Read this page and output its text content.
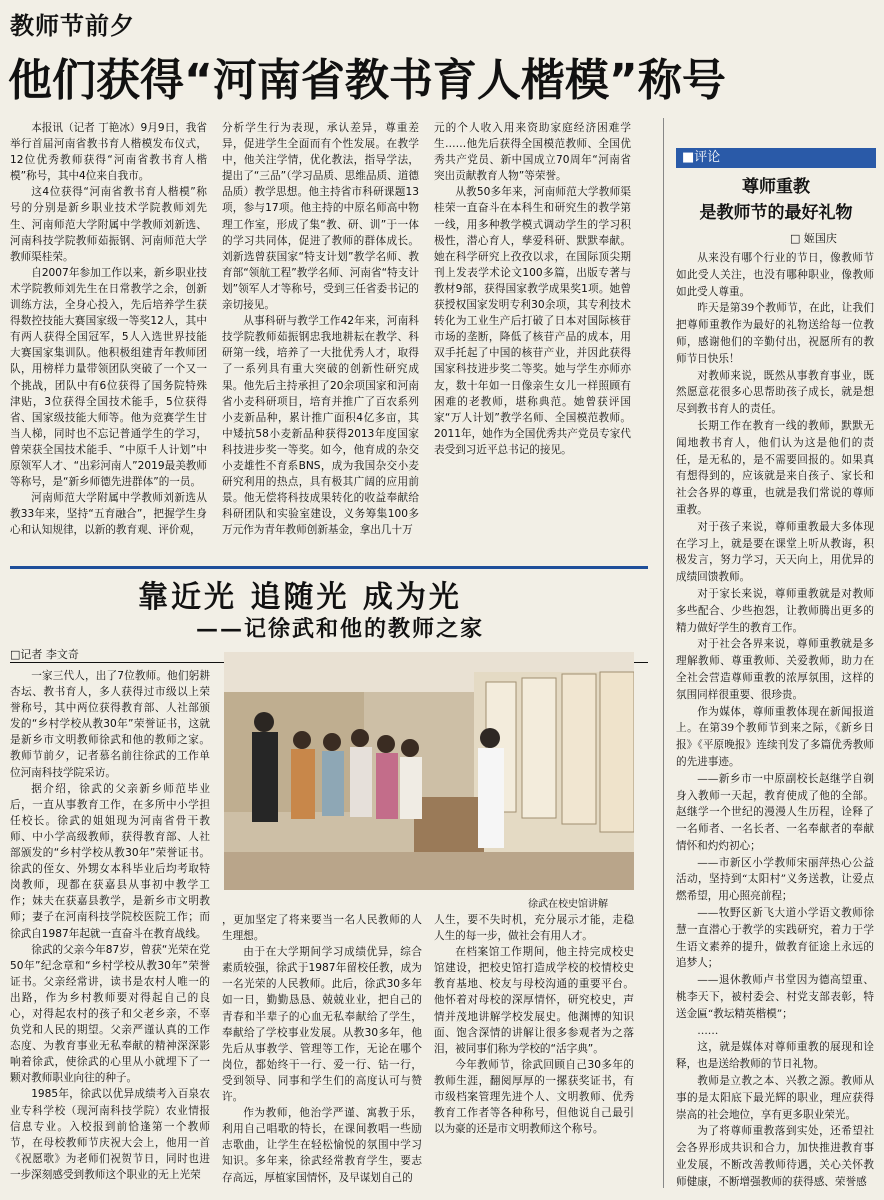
教师节前夕
他们获得“河南省教书育人楷模”称号

本报讯（记者 丁艳冰）9月9日，我省举行首届河南省教书育人楷模发布仪式，12位优秀教师获得“河南省教书育人楷模”称号，其中4位来自我市。

这4位获得“河南省教书育人楷模”称号的分别是新乡职业技术学院教师刘先生、河南师范大学附属中学教师刘新选、河南科技学院教师茹振钢、河南师范大学教师渠桂荣。

自2007年参加工作以来，新乡职业技术学院教师刘先生在日常教学之余，创新训练方法，全身心投入，先后培养学生获得数控技能大赛国家级一等奖12人，其中有两人获得全国冠军，5人入选世界技能大赛国家集训队。他积极组建青年教师团队，用榜样力量带领团队突破了一个又一个挑战，团队中有6位获得了国务院特殊津贴，3位获得全国技术能手，5位获得省、国家级技能大师等。他为竞赛学生甘当人梯，同时也不忘记普通学生的学习，曾荣获全国技术能手、“中原千人计划”中原领军人才、“出彩河南人”2019最美教师等称号，是“新乡师德先进群体”的一员。

河南师范大学附属中学教师刘新选从教33年来，坚持“五育融合”，把握学生身心和认知规律，以新的教育观、评价观，

分析学生行为表现，承认差异，尊重差异，促进学生全面而有个性发展。在教学中，他关注学情，优化教法，指导学法，提出了“三品”（学习品质、思维品质、道德品质）教学思想。他主持省市科研课题13项，参与17项。他主持的中原名师高中物理工作室，形成了集“教、研、训”于一体的学习共同体，促进了教师的群体成长。刘新选曾获国家“特支计划”教学名师、教育部“领航工程”教学名师、河南省“特支计划”领军人才等称号，受到三任省委书记的亲切接见。

从事科研与教学工作42年来，河南科技学院教师茹振钢忠我地耕耘在教学、科研第一线，培养了一大批优秀人才，取得了一系列具有重大突破的创新性研究成果。他先后主持承担了20余项国家和河南省小麦科研项目，培育并推广了百农系列小麦新品种，累计推广面积4亿多亩，其中矮抗58小麦新品种获得2013年度国家科技进步奖一等奖。如今，他育成的杂交小麦雄性不育系BNS，成为我国杂交小麦研究利用的热点，具有极其广阔的应用前景。他无偿将科技成果转化的收益奉献给科研团队和实验室建设，义务筹集100多万元作为青年教师创新基金，拿出几十万

元的个人收入用来资助家庭经济困难学生……他先后获得全国模范教师、全国优秀共产党员、新中国成立70周年“河南省突出贡献教育人物”等荣誉。

从教50多年来，河南师范大学教师渠桂荣一直奋斗在本科生和研究生的教学第一线，用多种教学模式调动学生的学习积极性，潜心育人，孳爱科研、默默奉献。她在科学研究上孜孜以求，在国际顶尖期刊上发表学术论文100多篇，出版专著与教材9部，获得国家教学成果奖1项。她曾获授权国家发明专利30余项，其专利技术转化为工业生产后打破了日本对国际核苷市场的垄断，降低了核苷产品的成本，用双手托起了中国的核苷产业，并因此获得国家科技进步奖二等奖。她与学生亦师亦友，数十年如一日像亲生女儿一样照顾有困难的老教师，堪称典范。她曾获评国家“万人计划”教学名师、全国模范教师。2011年，她作为全国优秀共产党员专家代表受到习近平总书记的接见。

靠近光 追随光 成为光
——记徐武和他的教师之家
□记者 李文奇
徐武在校史馆讲解

一家三代人，出了7位教师。他们躬耕杏坛、教书育人，多人获得过市级以上荣誉称号，其中两位获得教育部、人社部颁发的“乡村学校从教30年”荣誉证书，这就是新乡市文明教师徐武和他的教师之家。教师节前夕，记者慕名前往徐武的工作单位河南科技学院采访。

据介绍，徐武的父亲新乡师范毕业后，一直从事教育工作，在多所中小学担任校长。徐武的姐姐现为河南省骨干教师、中小学高级教师，获得教育部、人社部颁发的“乡村学校从教30年”荣誉证书。徐武的侄女、外甥女本科毕业后均考取特岗教师，现都在获嘉县从事初中教学工作；妹夫在获嘉县教学，是新乡市文明教师；妻子在河南科技学院校医院工作；而徐武自1987年起就一直奋斗在教育战线。

徐武的父亲今年87岁，曾获“光荣在党50年”纪念章和“乡村学校从教30年”荣誉证书。父亲经常讲，读书是农村人唯一的出路，作为乡村教师要对得起自己的良心，对得起农村的孩子和父老乡亲，不辜负党和人民的期望。父亲严谨认真的工作态度、为教育事业无私奉献的精神深深影响着徐武，使徐武的心里从小就埋下了一颗对教师职业向往的种子。

1985年，徐武以优异成绩考入百泉农业专科学校（现河南科技学院）农业情报信息专业。入校报到前恰逢第一个教师节，在母校教师节庆祝大会上，他用一首《祝愿歌》为老师们祝贺节日，同时也进一步深刻感受到教师这个职业的无上光荣

，更加坚定了将来要当一名人民教师的人生理想。

由于在大学期间学习成绩优异，综合素质较强，徐武于1987年留校任教，成为一名光荣的人民教师。此后，徐武30多年如一日，勤勤恳恳、兢兢业业，把自己的青春和半辈子的心血无私奉献给了学生，奉献给了学校事业发展。从教30多年，他先后从事教学、管理等工作，无论在哪个岗位，都始终干一行、爱一行、钻一行，受到领导、同事和学生们的高度认可与赞许。

作为教师，他治学严谨、寓教于乐，利用自己唱歌的特长，在课间教唱一些励志歌曲，让学生在轻松愉悦的氛围中学习知识。多年来，徐武经常教育学生，要志存高远，厚植家国情怀，及早谋划自己的

人生，要不失时机，充分展示才能，走稳人生的每一步，做社会有用人才。

在档案馆工作期间，他主持完成校史馆建设，把校史馆打造成学校的校情校史教育基地、校友与母校沟通的重要平台。他怀着对母校的深厚情怀，研究校史，声情并茂地讲解学校发展史。他渊博的知识面、饱含深情的讲解让很多参观者为之落泪，被同事们称为学校的“活字典”。

今年教师节，徐武回顾自己30多年的教师生涯，翻阅厚厚的一摞获奖证书，有市级档案管理先进个人、文明教师、优秀教育工作者等各种称号，但他说自己最引以为豪的还是市文明教师这个称号。

■评论
尊师重教
是教师节的最好礼物
□ 姬国庆

从来没有哪个行业的节日，像教师节如此受人关注，也没有哪种职业，像教师如此受人尊重。

昨天是第39个教师节，在此，让我们把尊师重教作为最好的礼物送给每一位教师，感谢他们的辛勤付出，祝愿所有的教师节日快乐！

对教师来说，既然从事教育事业，既然愿意花很多心思帮助孩子成长，就是想尽到教书育人的责任。

长期工作在教育一线的教师，默默无闻地教书育人，他们认为这是他们的责任，是无私的，是不需要回报的。如果真有想得到的，应该就是来自孩子、家长和社会各界的尊重，也就是我们常说的尊师重教。

对于孩子来说，尊师重教最大多体现在学习上，就是要在课堂上听从教诲，积极发言，努力学习，天天向上，用优异的成绩回馈教师。

对于家长来说，尊师重教就是对教师多些配合、少些抱怨，让教师腾出更多的精力做好学生的教育工作。

对于社会各界来说，尊师重教就是多理解教师、尊重教师、关爱教师，助力在全社会营造尊师重教的浓厚氛围，这样的氛围同样很重要、很珍贵。

作为媒体，尊师重教体现在新闻报道上。在第39个教师节到来之际，《新乡日报》《平原晚报》连续刊发了多篇优秀教师的先进事迹。

——新乡市一中原副校长赵继学自剃身入教师一天起，教育使成了他的全部。赵继学一个世纪的漫漫人生历程，诠释了一名师者、一名长者、一名奉献者的奉献情怀和灼灼初心；

——市新区小学教师宋丽萍热心公益活动，坚持到“太阳村”义务送教，让爱点燃希望，用心照亮前程；

——牧野区新飞大道小学语文教师徐慧一直潜心于教学的实践研究，着力于学生语文素养的提升，做教育征途上永远的追梦人；

——退休教师卢书堂因为德高望重、桃李天下，被村委会、村党支部表彰，特送金匾“教坛精英楷模”；

……

这，就是媒体对尊师重教的展现和诠释，也是送给教师的节日礼物。

教师是立教之本、兴教之源。教师从事的是太阳底下最光辉的职业，理应获得崇高的社会地位，享有更多职业荣光。

为了将尊师重教落到实处，还希望社会各界形成共识和合力，加快推进教育事业发展，不断改善教师待遇，关心关怀教师健康，不断增强教师的获得感、荣誉感
